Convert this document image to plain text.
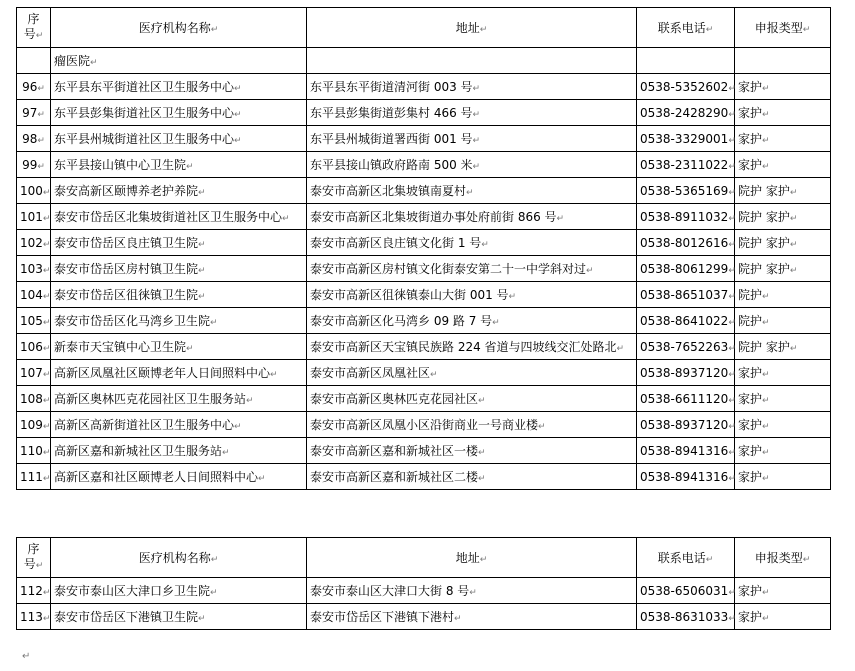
序
号↵	医疗机构名称↵	地址↵	联系电话↵	申报类型↵
	瘤医院↵			
96↵	东平县东平街道社区卫生服务中心↵	东平县东平街道清河街 003 号↵	0538-5352602↵	家护↵
97↵	东平县彭集街道社区卫生服务中心↵	东平县彭集街道彭集村 466 号↵	0538-2428290↵	家护↵
98↵	东平县州城街道社区卫生服务中心↵	东平县州城街道署西街 001 号↵	0538-3329001↵	家护↵
99↵	东平县接山镇中心卫生院↵	东平县接山镇政府路南 500 米↵	0538-2311022↵	家护↵
100↵	泰安高新区颐博养老护养院↵	泰安市高新区北集坡镇南夏村↵	0538-5365169↵	院护 家护↵
101↵	泰安市岱岳区北集坡街道社区卫生服务中心↵	泰安市高新区北集坡街道办事处府前街 866 号↵	0538-8911032↵	院护 家护↵
102↵	泰安市岱岳区良庄镇卫生院↵	泰安市高新区良庄镇文化街 1 号↵	0538-8012616↵	院护 家护↵
103↵	泰安市岱岳区房村镇卫生院↵	泰安市高新区房村镇文化街泰安第二十一中学斜对过↵	0538-8061299↵	院护 家护↵
104↵	泰安市岱岳区徂徕镇卫生院↵	泰安市高新区徂徕镇泰山大街 001 号↵	0538-8651037↵	院护↵
105↵	泰安市岱岳区化马湾乡卫生院↵	泰安市高新区化马湾乡 09 路 7 号↵	0538-8641022↵	院护↵
106↵	新泰市天宝镇中心卫生院↵	泰安市高新区天宝镇民族路 224 省道与四坡线交汇处路北↵	0538-7652263↵	院护 家护↵
107↵	高新区凤凰社区颐博老年人日间照料中心↵	泰安市高新区凤凰社区↵	0538-8937120↵	家护↵
108↵	高新区奥林匹克花园社区卫生服务站↵	泰安市高新区奥林匹克花园社区↵	0538-6611120↵	家护↵
109↵	高新区高新街道社区卫生服务中心↵	泰安市高新区凤凰小区沿街商业一号商业楼↵	0538-8937120↵	家护↵
110↵	高新区嘉和新城社区卫生服务站↵	泰安市高新区嘉和新城社区一楼↵	0538-8941316↵	家护↵
111↵	高新区嘉和社区颐博老人日间照料中心↵	泰安市高新区嘉和新城社区二楼↵	0538-8941316↵	家护↵
序
号↵	医疗机构名称↵	地址↵	联系电话↵	申报类型↵
112↵	泰安市泰山区大津口乡卫生院↵	泰安市泰山区大津口大街 8 号↵	0538-6506031↵	家护↵
113↵	泰安市岱岳区下港镇卫生院↵	泰安市岱岳区下港镇下港村↵	0538-8631033↵	家护↵
↵
